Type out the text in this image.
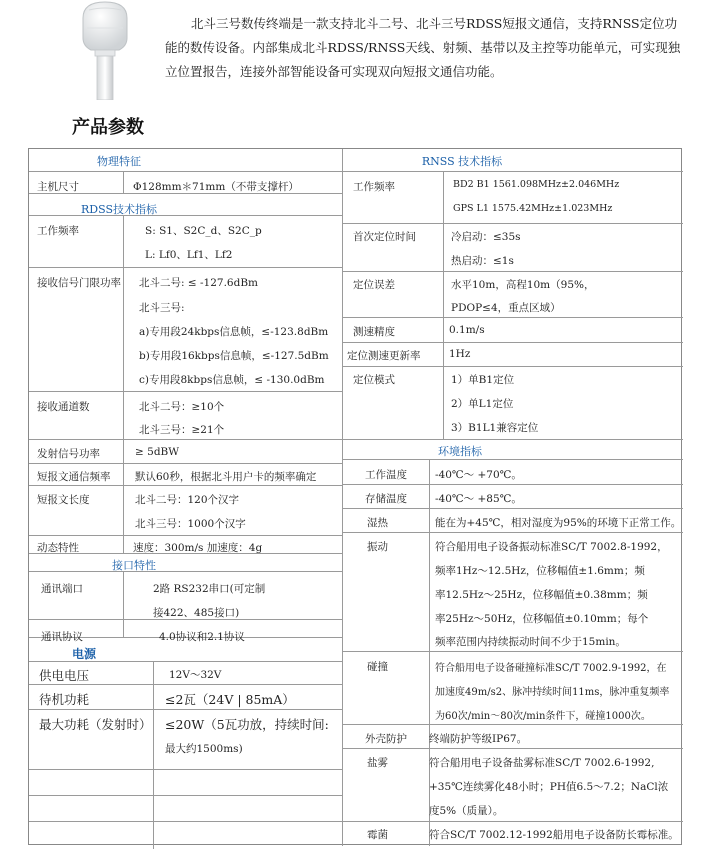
北斗三号数传终端是一款支持北斗二号、北斗三号RDSS短报文通信，支持RNSS定位功能的数传设备。内部集成北斗RDSS/RNSS天线、射频、基带以及主控等功能单元，可实现独立位置报告，连接外部智能设备可实现双向短报文通信功能。
产品参数
物理特征
主机尺寸	Φ128mm＊71mm（不带支撑杆）
RDSS技术指标
工作频率	S: S1、S2C_d、S2C_p
L: Lf0、Lf1、Lf2
接收信号门限功率 北斗二号: ≤ -127.6dBm
北斗三号:
a)专用段24kbps信息帧，≤-123.8dBm
b)专用段16kbps信息帧，≤-127.5dBm
c)专用段8kbps信息帧，≤ -130.0dBm
接收通道数	北斗二号：≥10个
北斗三号：≥21个
发射信号功率	≥ 5dBW
短报文通信频率 默认60秒，根据北斗用户卡的频率确定
短报文长度	北斗二号：120个汉字
北斗三号：1000个汉字
动态特性	速度：300m/s 加速度：4g
接口特性
通讯端口	2路 RS232串口(可定制
接422、485接口)
通讯协议	4.0协议和2.1协议
电源
供电电压	12V～32V
待机功耗	≤2瓦（24V | 85mA）
最大功耗（发射时） ≤20W（5瓦功放，持续时间:
最大约1500ms)
RNSS 技术指标
工作频率	BD2 B1 1561.098MHz±2.046MHz
GPS L1 1575.42MHz±1.023MHz
首次定位时间	冷启动：≤35s
热启动：≤1s
定位误差	水平10m，高程10m（95%，
PDOP≤4，重点区域）
测速精度	0.1m/s
定位测速更新率	1Hz
定位模式	1）单B1定位
2）单L1定位
3）B1L1兼容定位
环境指标
工作温度	-40℃～ +70℃。
存储温度	-40℃～ +85℃。
湿热	能在为+45℃，相对湿度为95%的环境下正常工作。
振动	符合船用电子设备振动标准SC/T 7002.8-1992，
频率1Hz～12.5Hz，位移幅值±1.6mm；频
率12.5Hz～25Hz，位移幅值±0.38mm；频
率25Hz～50Hz，位移幅值±0.10mm；每个
频率范围内持续振动时间不少于15min。
碰撞	符合船用电子设备碰撞标准SC/T 7002.9-1992，在
加速度49m/s2、脉冲持续时间11ms，脉冲重复频率
为60次/min～80次/min条件下，碰撞1000次。
外壳防护 终端防护等级IP67。
盐雾	符合船用电子设备盐雾标准SC/T 7002.6-1992,
+35℃连续雾化48小时；PH值6.5～7.2；NaCl浓
度5%（质量）。
霉菌	符合SC/T 7002.12-1992船用电子设备防长霉标准。
